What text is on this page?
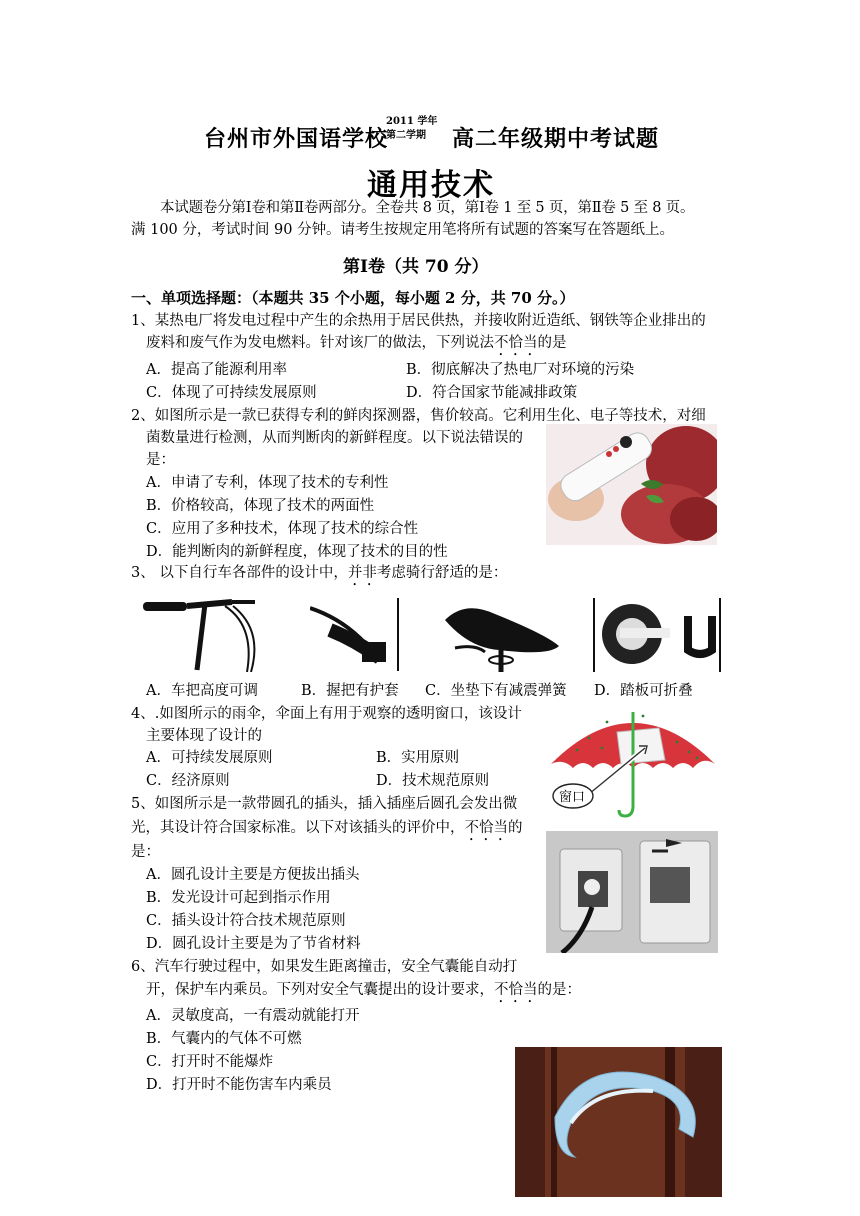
台州市外国语学校
2011 学年
第二学期 高二年级期中考试题
通用技术
本试题卷分第Ⅰ卷和第Ⅱ卷两部分。全卷共 8 页，第Ⅰ卷 1 至 5 页，第Ⅱ卷 5 至 8 页。
满 100 分，考试时间 90 分钟。请考生按规定用笔将所有试题的答案写在答题纸上。
第Ⅰ卷（共 70 分）
一、单项选择题：（本题共 35 个小题，每小题 2 分，共 70 分。）
1、某热电厂将发电过程中产生的余热用于居民供热，并接收附近造纸、钢铁等企业排出的
废料和废气作为发电燃料。针对该厂的做法，下列说法不恰当的是
A．提高了能源利用率	B．彻底解决了热电厂对环境的污染
C．体现了可持续发展原则	D．符合国家节能减排政策
2、如图所示是一款已获得专利的鲜肉探测器，售价较高。它利用生化、电子等技术，对细
菌数量进行检测，从而判断肉的新鲜程度。以下说法错误的
是：
A．申请了专利，体现了技术的专利性
B．价格较高，体现了技术的两面性
C．应用了多种技术，体现了技术的综合性
D．能判断肉的新鲜程度，体现了技术的目的性
3、 以下自行车各部件的设计中，并非考虑骑行舒适的是：
A．车把高度可调	B．握把有护套 C．坐垫下有减震弹簧 D．踏板可折叠
4、.如图所示的雨伞，伞面上有用于观察的透明窗口，该设计
主要体现了设计的
A．可持续发展原则	B．实用原则
C．经济原则	D．技术规范原则
窗口
5、如图所示是一款带圆孔的插头，插入插座后圆孔会发出微
光，其设计符合国家标准。以下对该插头的评价中，不恰当的
是：
A．圆孔设计主要是方便拔出插头
B．发光设计可起到指示作用
C．插头设计符合技术规范原则
D．圆孔设计主要是为了节省材料
6、汽车行驶过程中，如果发生距离撞击，安全气囊能自动打
开，保护车内乘员。下列对安全气囊提出的设计要求，不恰当的是：
A．灵敏度高，一有震动就能打开
B．气囊内的气体不可燃
C．打开时不能爆炸
D．打开时不能伤害车内乘员
